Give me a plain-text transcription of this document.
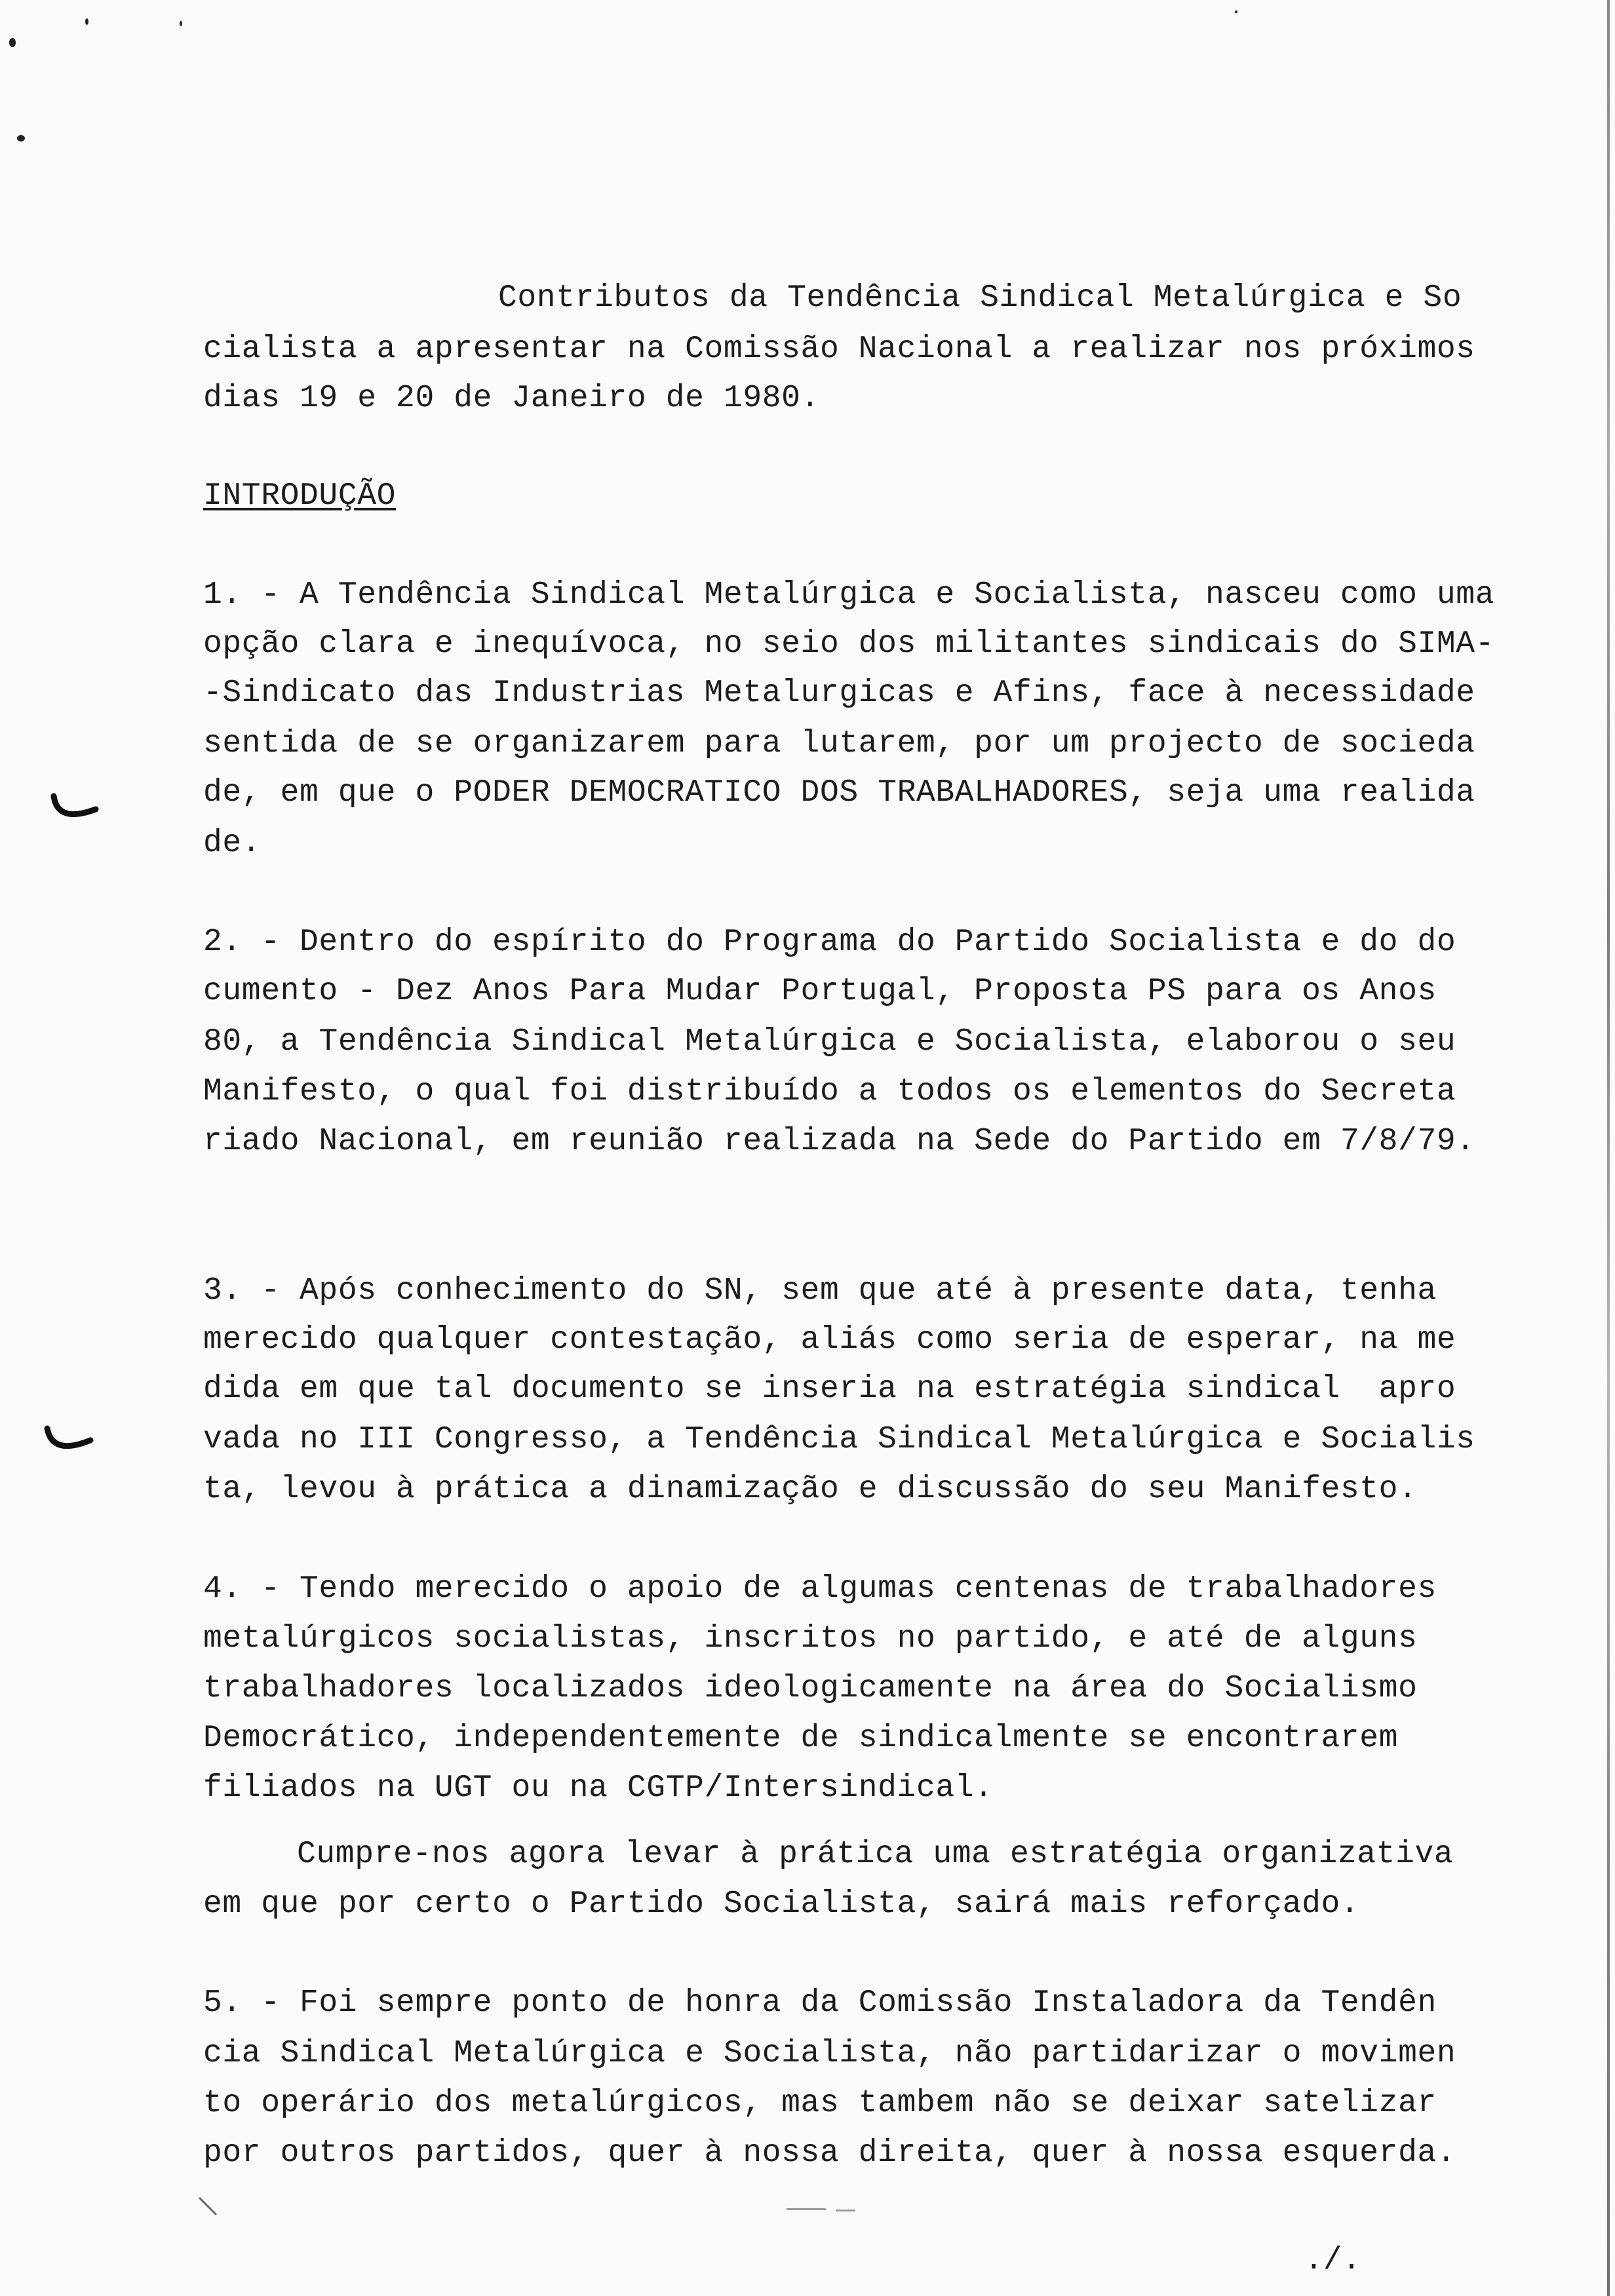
Contributos da Tendência Sindical Metalúrgica e So
cialista a apresentar na Comissão Nacional a realizar nos próximos
dias 19 e 20 de Janeiro de 1980.
INTRODUÇÃO
1. - A Tendência Sindical Metalúrgica e Socialista, nasceu como uma
opção clara e inequívoca, no seio dos militantes sindicais do SIMA-
-Sindicato das Industrias Metalurgicas e Afins, face à necessidade
sentida de se organizarem para lutarem, por um projecto de socieda
de, em que o PODER DEMOCRATICO DOS TRABALHADORES, seja uma realida
de.
2. - Dentro do espírito do Programa do Partido Socialista e do do
cumento - Dez Anos Para Mudar Portugal, Proposta PS para os Anos
80, a Tendência Sindical Metalúrgica e Socialista, elaborou o seu
Manifesto, o qual foi distribuído a todos os elementos do Secreta
riado Nacional, em reunião realizada na Sede do Partido em 7/8/79.
3. - Após conhecimento do SN, sem que até à presente data, tenha
merecido qualquer contestação, aliás como seria de esperar, na me
dida em que tal documento se inseria na estratégia sindical  apro
vada no III Congresso, a Tendência Sindical Metalúrgica e Socialis
ta, levou à prática a dinamização e discussão do seu Manifesto.
4. - Tendo merecido o apoio de algumas centenas de trabalhadores
metalúrgicos socialistas, inscritos no partido, e até de alguns
trabalhadores localizados ideologicamente na área do Socialismo
Democrático, independentemente de sindicalmente se encontrarem
filiados na UGT ou na CGTP/Intersindical.
Cumpre-nos agora levar à prática uma estratégia organizativa
em que por certo o Partido Socialista, sairá mais reforçado.
5. - Foi sempre ponto de honra da Comissão Instaladora da Tendên
cia Sindical Metalúrgica e Socialista, não partidarizar o movimen
to operário dos metalúrgicos, mas tambem não se deixar satelizar
por outros partidos, quer à nossa direita, quer à nossa esquerda.
./.
